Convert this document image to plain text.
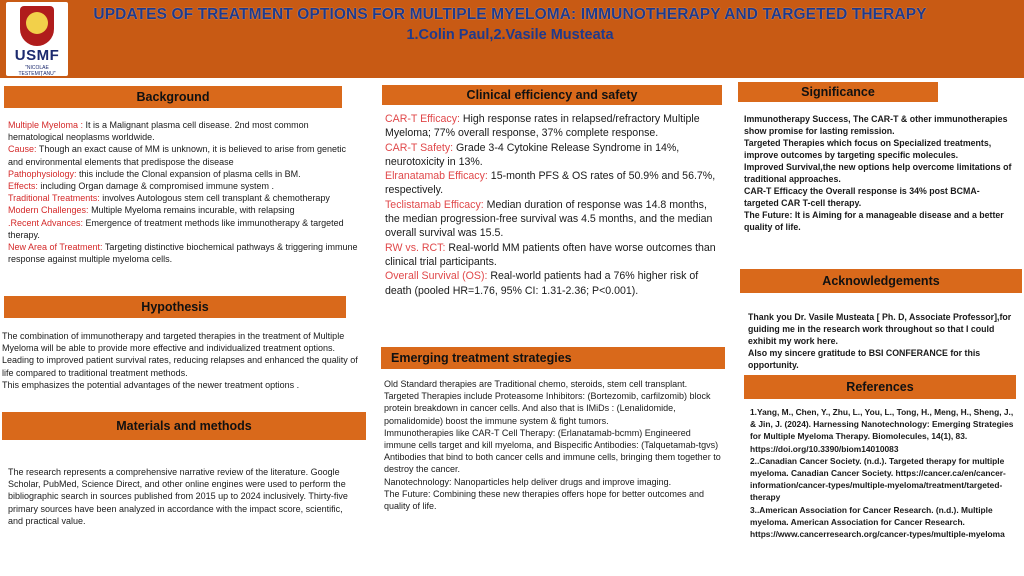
USMF
"NICOLAE TESTEMIȚANU"
UPDATES OF TREATMENT OPTIONS FOR MULTIPLE MYELOMA: IMMUNOTHERAPY AND TARGETED THERAPY
1.Colin Paul,2.Vasile Musteata
Background

Multiple Myeloma : It is a Malignant plasma cell disease. 2nd most common hematological neoplasms worldwide.

Cause: Though an exact cause of MM is unknown, it is believed to arise from genetic and environmental elements that predispose the disease

Pathophysiology: this include the Clonal expansion of plasma cells in BM.

Effects: including Organ damage & compromised immune system .

Traditional Treatments: involves Autologous stem cell transplant & chemotherapy

Modern Challenges: Multiple Myeloma remains incurable, with relapsing

.Recent Advances: Emergence of treatment methods like immunotherapy & targeted therapy.

New Area of Treatment: Targeting distinctive biochemical pathways & triggering immune response against multiple myeloma cells.

Hypothesis

The combination of immunotherapy and targeted therapies in the treatment of Multiple Myeloma will be able to provide more effective and individualized treatment options.

Leading to improved patient survival rates, reducing relapses and enhanced the quality of life compared to traditional treatment methods.

This emphasizes the potential advantages of the newer treatment options .

Materials and methods

The research represents a comprehensive narrative review of the literature. Google Scholar, PubMed, Science Direct, and other online engines were used to perform the bibliographic search in sources published from 2015 up to 2024 inclusively. Thirty-five primary sources have been analyzed in accordance with the impact score, scientific, and practical value.

Clinical efficiency and safety

CAR-T Efficacy: High response rates in relapsed/refractory Multiple Myeloma; 77% overall response, 37% complete response.

CAR-T Safety: Grade 3-4 Cytokine Release Syndrome in 14%, neurotoxicity in 13%.

Elranatamab Efficacy: 15-month PFS & OS rates of 50.9% and 56.7%, respectively.

Teclistamab Efficacy: Median duration of response was 14.8 months, the median progression-free survival was 4.5 months, and the median overall survival was 15.5.

RW vs. RCT: Real-world MM patients often have worse outcomes than clinical trial participants.

Overall Survival (OS): Real-world patients had a 76% higher risk of death (pooled HR=1.76, 95% CI: 1.31-2.36; P<0.001).

Emerging treatment strategies

Old Standard therapies are Traditional chemo, steroids, stem cell transplant.

Targeted Therapies include Proteasome Inhibitors: (Bortezomib, carfilzomib) block protein breakdown in cancer cells. And also that is IMiDs : (Lenalidomide, pomalidomide) boost the immune system & fight tumors.

Immunotherapies like CAR-T Cell Therapy: (Erlanatamab-bcmm) Engineered immune cells target and kill myeloma, and Bispecific Antibodies: (Talquetamab-tgvs) Antibodies that bind to both cancer cells and immune cells, bringing them together to destroy the cancer.

Nanotechnology: Nanoparticles help deliver drugs and improve imaging.

The Future: Combining these new therapies offers hope for better outcomes and quality of life.

Significance

Immunotherapy Success, The CAR-T & other immunotherapies show promise for lasting remission.

Targeted Therapies which focus on Specialized treatments, improve outcomes by targeting specific molecules.

Improved Survival,the new options help overcome limitations of traditional approaches.

CAR-T Efficacy the Overall response is 34% post BCMA-targeted CAR T-cell therapy.

The Future: It is Aiming for a manageable disease and a better quality of life.

Acknowledgements

Thank you Dr. Vasile Musteata [ Ph. D, Associate Professor],for guiding me in the research work throughout so that I could exhibit my work here.

Also my sincere gratitude to BSI CONFERANCE for this opportunity.

References

1.Yang, M., Chen, Y., Zhu, L., You, L., Tong, H., Meng, H., Sheng, J., & Jin, J. (2024). Harnessing Nanotechnology: Emerging Strategies for Multiple Myeloma Therapy. Biomolecules, 14(1), 83. https://doi.org/10.3390/biom14010083

2..Canadian Cancer Society. (n.d.). Targeted therapy for multiple myeloma. Canadian Cancer Society. https://cancer.ca/en/cancer-information/cancer-types/multiple-myeloma/treatment/targeted-therapy

3..American Association for Cancer Research. (n.d.). Multiple myeloma. American Association for Cancer Research. https://www.cancerresearch.org/cancer-types/multiple-myeloma
